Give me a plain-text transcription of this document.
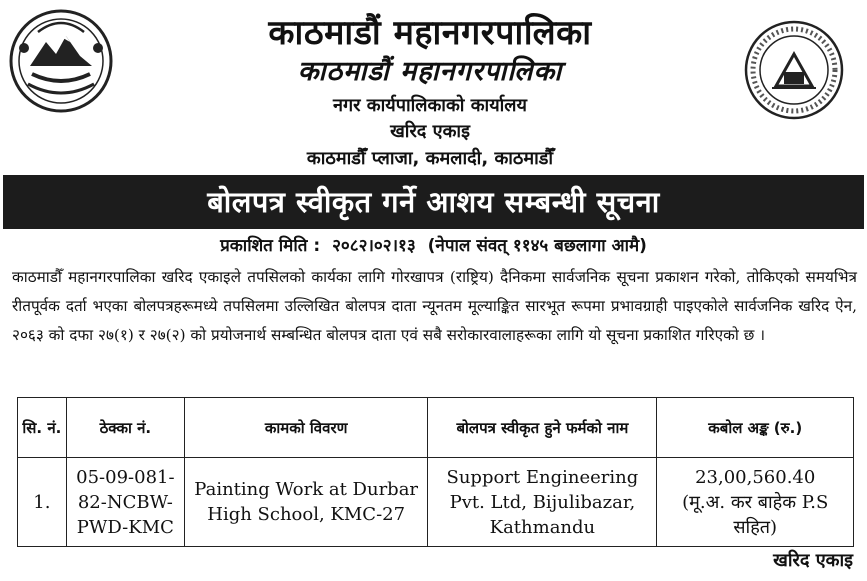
काठमाडौं महानगरपालिका
काठमाडौं महानगरपालिका
नगर कार्यपालिकाको कार्यालय
खरिद एकाइ
काठमाडौँ प्लाजा, कमलादी, काठमाडौँ
बोलपत्र स्वीकृत गर्ने आशय सम्बन्धी सूचना
प्रकाशित मिति : २०८२।०२।१३ (नेपाल संवत् ११४५ बछलागा आमै)
काठमाडौँ महानगरपालिका खरिद एकाइले तपसिलको कार्यका लागि गोरखापत्र (राष्ट्रिय) दैनिकमा सार्वजनिक सूचना प्रकाशन गरेको, तोकिएको समयभित्र रीतपूर्वक दर्ता भएका बोलपत्रहरूमध्ये तपसिलमा उल्लिखित बोलपत्र दाता न्यूनतम मूल्याङ्कित सारभूत रूपमा प्रभावग्राही पाइएकोले सार्वजनिक खरिद ऐन, २०६३ को दफा २७(१) र २७(२) को प्रयोजनार्थ सम्बन्धित बोलपत्र दाता एवं सबै सरोकारवालाहरूका लागि यो सूचना प्रकाशित गरिएको छ ।
सि. नं.	ठेक्का नं.	कामको विवरण	बोलपत्र स्वीकृत हुने फर्मको नाम	कबोल अङ्क (रु.)
1.	05-09-081-82-NCBW-PWD-KMC	Painting Work at Durbar High School, KMC-27	Support Engineering Pvt. Ltd, Bijulibazar, Kathmandu	23,00,560.40
(मू.अ. कर बाहेक P.S सहित)
खरिद एकाइ
